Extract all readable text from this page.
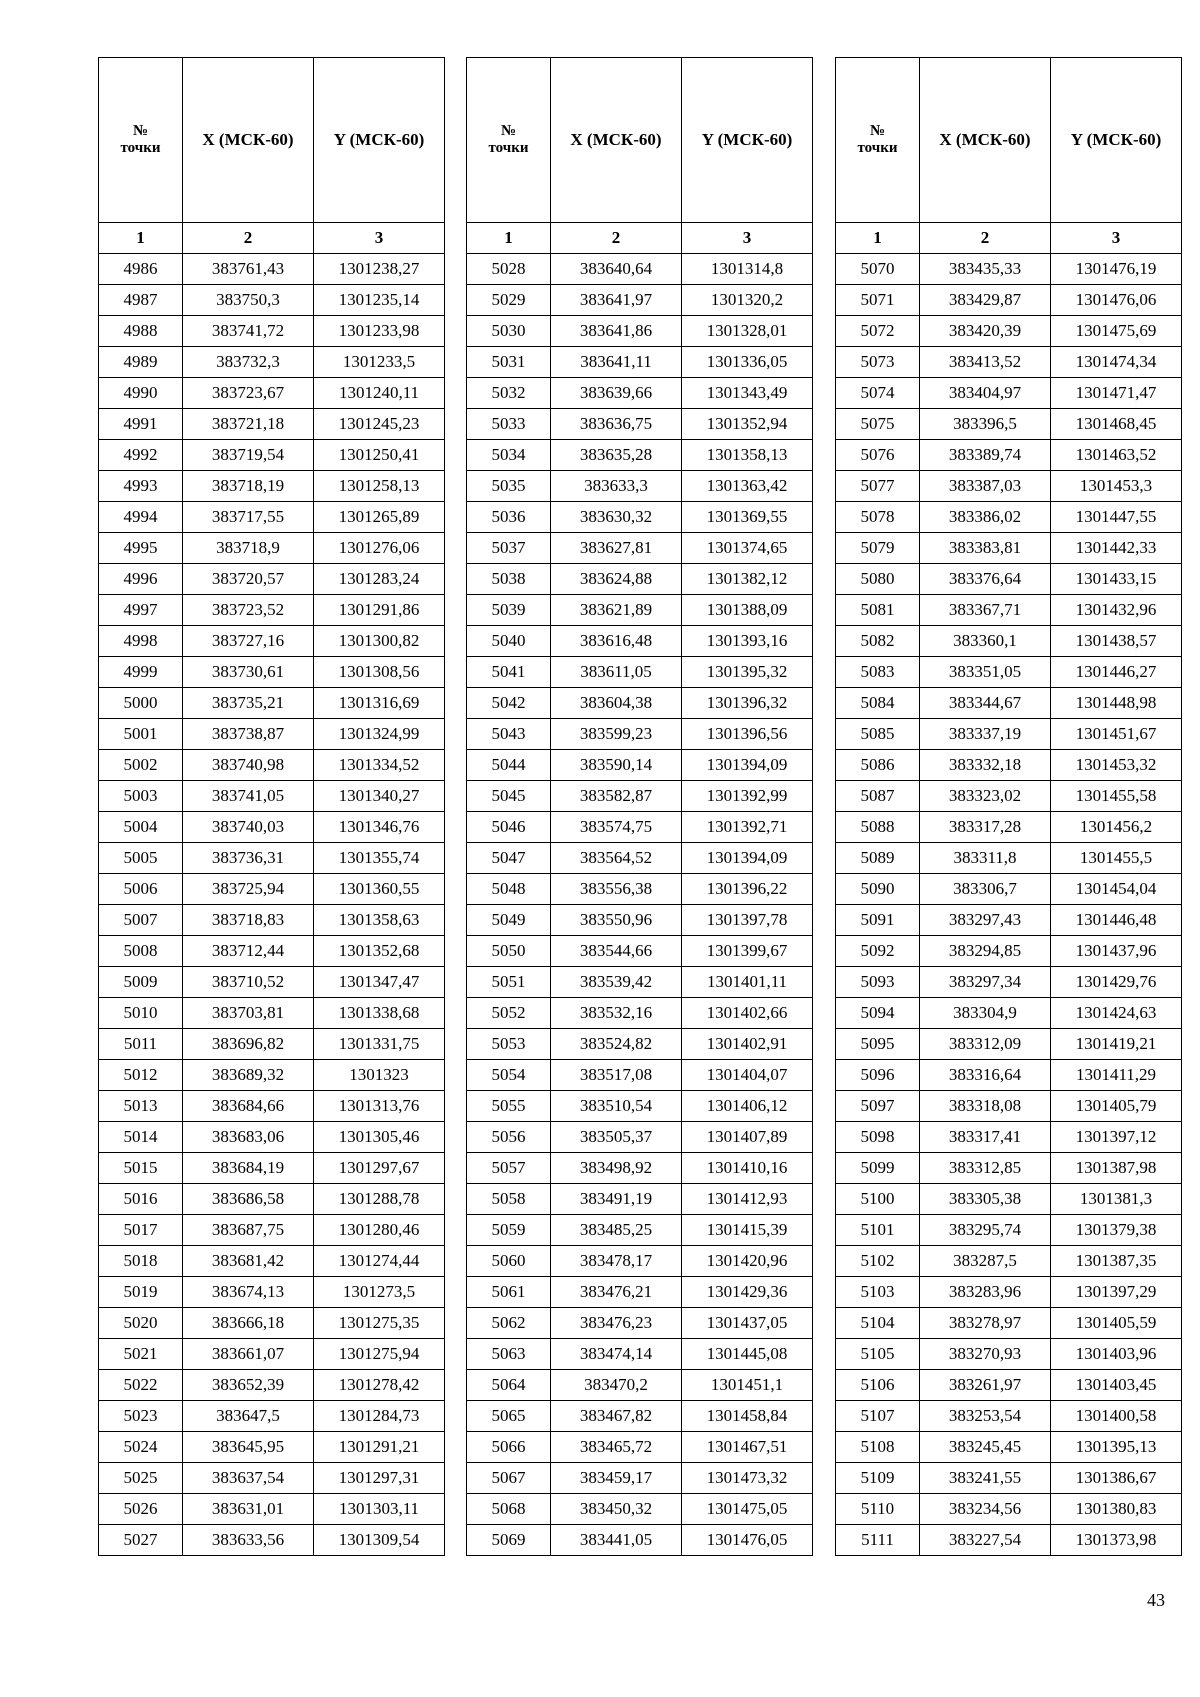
№
точки	X (МСК-60)	Y (МСК-60)
1	2	3
4986	383761,43	1301238,27
4987	383750,3	1301235,14
4988	383741,72	1301233,98
4989	383732,3	1301233,5
4990	383723,67	1301240,11
4991	383721,18	1301245,23
4992	383719,54	1301250,41
4993	383718,19	1301258,13
4994	383717,55	1301265,89
4995	383718,9	1301276,06
4996	383720,57	1301283,24
4997	383723,52	1301291,86
4998	383727,16	1301300,82
4999	383730,61	1301308,56
5000	383735,21	1301316,69
5001	383738,87	1301324,99
5002	383740,98	1301334,52
5003	383741,05	1301340,27
5004	383740,03	1301346,76
5005	383736,31	1301355,74
5006	383725,94	1301360,55
5007	383718,83	1301358,63
5008	383712,44	1301352,68
5009	383710,52	1301347,47
5010	383703,81	1301338,68
5011	383696,82	1301331,75
5012	383689,32	1301323
5013	383684,66	1301313,76
5014	383683,06	1301305,46
5015	383684,19	1301297,67
5016	383686,58	1301288,78
5017	383687,75	1301280,46
5018	383681,42	1301274,44
5019	383674,13	1301273,5
5020	383666,18	1301275,35
5021	383661,07	1301275,94
5022	383652,39	1301278,42
5023	383647,5	1301284,73
5024	383645,95	1301291,21
5025	383637,54	1301297,31
5026	383631,01	1301303,11
5027	383633,56	1301309,54
№
точки	X (МСК-60)	Y (МСК-60)
1	2	3
5028	383640,64	1301314,8
5029	383641,97	1301320,2
5030	383641,86	1301328,01
5031	383641,11	1301336,05
5032	383639,66	1301343,49
5033	383636,75	1301352,94
5034	383635,28	1301358,13
5035	383633,3	1301363,42
5036	383630,32	1301369,55
5037	383627,81	1301374,65
5038	383624,88	1301382,12
5039	383621,89	1301388,09
5040	383616,48	1301393,16
5041	383611,05	1301395,32
5042	383604,38	1301396,32
5043	383599,23	1301396,56
5044	383590,14	1301394,09
5045	383582,87	1301392,99
5046	383574,75	1301392,71
5047	383564,52	1301394,09
5048	383556,38	1301396,22
5049	383550,96	1301397,78
5050	383544,66	1301399,67
5051	383539,42	1301401,11
5052	383532,16	1301402,66
5053	383524,82	1301402,91
5054	383517,08	1301404,07
5055	383510,54	1301406,12
5056	383505,37	1301407,89
5057	383498,92	1301410,16
5058	383491,19	1301412,93
5059	383485,25	1301415,39
5060	383478,17	1301420,96
5061	383476,21	1301429,36
5062	383476,23	1301437,05
5063	383474,14	1301445,08
5064	383470,2	1301451,1
5065	383467,82	1301458,84
5066	383465,72	1301467,51
5067	383459,17	1301473,32
5068	383450,32	1301475,05
5069	383441,05	1301476,05
№
точки	X (МСК-60)	Y (МСК-60)
1	2	3
5070	383435,33	1301476,19
5071	383429,87	1301476,06
5072	383420,39	1301475,69
5073	383413,52	1301474,34
5074	383404,97	1301471,47
5075	383396,5	1301468,45
5076	383389,74	1301463,52
5077	383387,03	1301453,3
5078	383386,02	1301447,55
5079	383383,81	1301442,33
5080	383376,64	1301433,15
5081	383367,71	1301432,96
5082	383360,1	1301438,57
5083	383351,05	1301446,27
5084	383344,67	1301448,98
5085	383337,19	1301451,67
5086	383332,18	1301453,32
5087	383323,02	1301455,58
5088	383317,28	1301456,2
5089	383311,8	1301455,5
5090	383306,7	1301454,04
5091	383297,43	1301446,48
5092	383294,85	1301437,96
5093	383297,34	1301429,76
5094	383304,9	1301424,63
5095	383312,09	1301419,21
5096	383316,64	1301411,29
5097	383318,08	1301405,79
5098	383317,41	1301397,12
5099	383312,85	1301387,98
5100	383305,38	1301381,3
5101	383295,74	1301379,38
5102	383287,5	1301387,35
5103	383283,96	1301397,29
5104	383278,97	1301405,59
5105	383270,93	1301403,96
5106	383261,97	1301403,45
5107	383253,54	1301400,58
5108	383245,45	1301395,13
5109	383241,55	1301386,67
5110	383234,56	1301380,83
5111	383227,54	1301373,98
43
